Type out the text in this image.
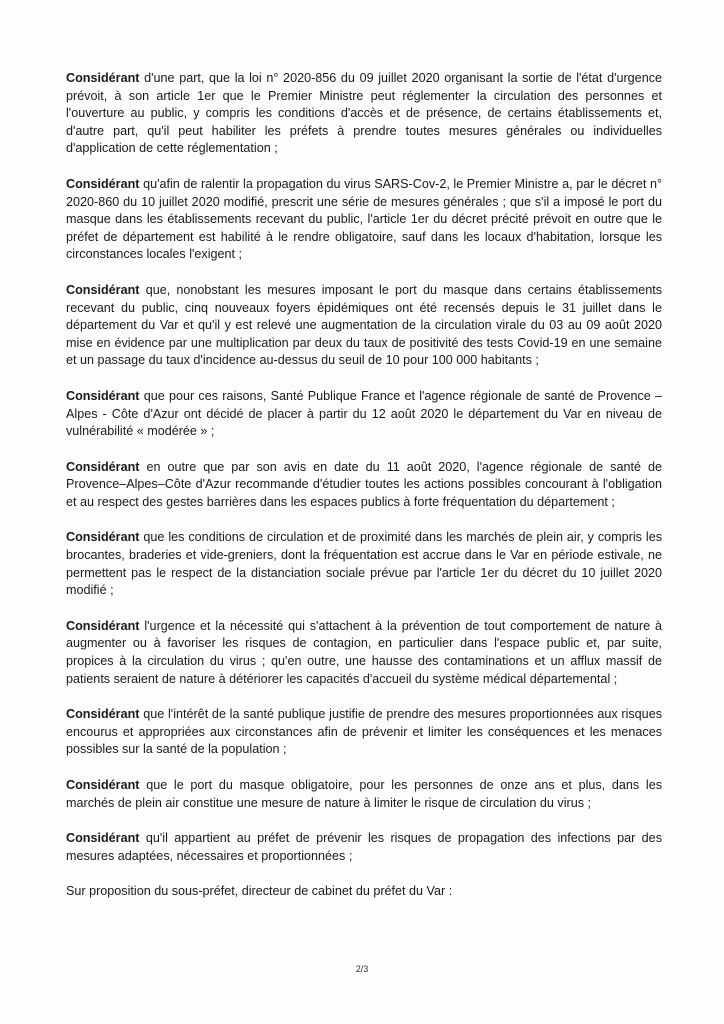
Considérant d'une part, que la loi n° 2020-856 du 09 juillet 2020 organisant la sortie de l'état d'urgence prévoit, à son article 1er que le Premier Ministre peut réglementer la circulation des personnes et l'ouverture au public, y compris les conditions d'accès et de présence, de certains établissements et, d'autre part, qu'il peut habiliter les préfets à prendre toutes mesures générales ou individuelles d'application de cette réglementation ;

Considérant qu'afin de ralentir la propagation du virus SARS-Cov-2, le Premier Ministre a, par le décret n° 2020-860 du 10 juillet 2020 modifié, prescrit une série de mesures générales ; que s'il a imposé le port du masque dans les établissements recevant du public, l'article 1er du décret précité prévoit en outre que le préfet de département est habilité à le rendre obligatoire, sauf dans les locaux d'habitation, lorsque les circonstances locales l'exigent ;

Considérant que, nonobstant les mesures imposant le port du masque dans certains établissements recevant du public, cinq nouveaux foyers épidémiques ont été recensés depuis le 31 juillet dans le département du Var et qu'il y est relevé une augmentation de la circulation virale du 03 au 09 août 2020 mise en évidence par une multiplication par deux du taux de positivité des tests Covid-19 en une semaine et un passage du taux d'incidence au-dessus du seuil de 10 pour 100 000 habitants ;

Considérant que pour ces raisons, Santé Publique France et l'agence régionale de santé de Provence – Alpes - Côte d'Azur ont décidé de placer à partir du 12 août 2020 le département du Var en niveau de vulnérabilité « modérée » ;

Considérant en outre que par son avis en date du 11 août 2020, l'agence régionale de santé de Provence–Alpes–Côte d'Azur recommande d'étudier toutes les actions possibles concourant à l'obligation et au respect des gestes barrières dans les espaces publics à forte fréquentation du département ;

Considérant que les conditions de circulation et de proximité dans les marchés de plein air, y compris les brocantes, braderies et vide-greniers, dont la fréquentation est accrue dans le Var en période estivale, ne permettent pas le respect de la distanciation sociale prévue par l'article 1er du décret du 10 juillet 2020 modifié ;

Considérant l'urgence et la nécessité qui s'attachent à la prévention de tout comportement de nature à augmenter ou à favoriser les risques de contagion, en particulier dans l'espace public et, par suite, propices à la circulation du virus ; qu'en outre, une hausse des contaminations et un afflux massif de patients seraient de nature à détériorer les capacités d'accueil du système médical départemental ;

Considérant que l'intérêt de la santé publique justifie de prendre des mesures proportionnées aux risques encourus et appropriées aux circonstances afin de prévenir et limiter les conséquences et les menaces possibles sur la santé de la population ;

Considérant que le port du masque obligatoire, pour les personnes de onze ans et plus, dans les marchés de plein air constitue une mesure de nature à limiter le risque de circulation du virus ;

Considérant qu'il appartient au préfet de prévenir les risques de propagation des infections par des mesures adaptées, nécessaires et proportionnées ;

Sur proposition du sous-préfet, directeur de cabinet du préfet du Var :

2/3
